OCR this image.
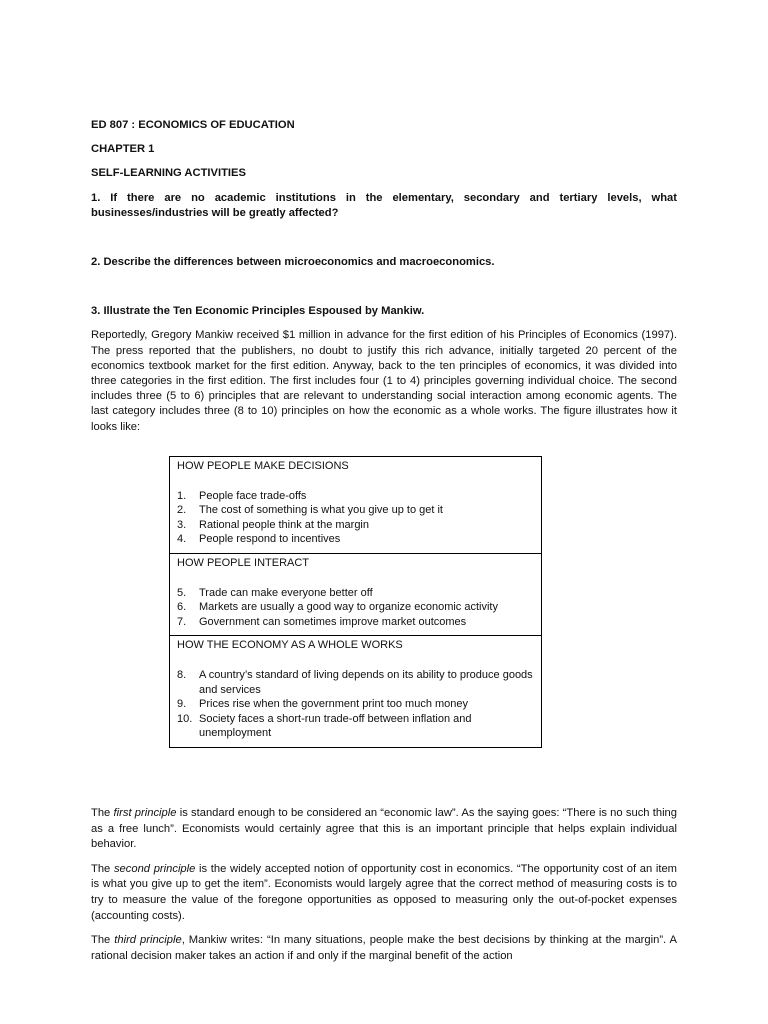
ED 807 : ECONOMICS OF EDUCATION

CHAPTER 1

SELF-LEARNING ACTIVITIES

1. If there are no academic institutions in the elementary, secondary and tertiary levels, what businesses/industries will be greatly affected?

2. Describe the differences between microeconomics and macroeconomics.

3. Illustrate the Ten Economic Principles Espoused by Mankiw.

Reportedly, Gregory Mankiw received $1 million in advance for the first edition of his Principles of Economics (1997). The press reported that the publishers, no doubt to justify this rich advance, initially targeted 20 percent of the economics textbook market for the first edition. Anyway, back to the ten principles of economics, it was divided into three categories in the first edition. The first includes four (1 to 4) principles governing individual choice. The second includes three (5 to 6) principles that are relevant to understanding social interaction among economic agents. The last category includes three (8 to 10) principles on how the economic as a whole works. The figure illustrates how it looks like:

HOW PEOPLE MAKE DECISIONS
1.	People face trade-offs
2.	The cost of something is what you give up to get it
3.	Rational people think at the margin
4.	People respond to incentives
HOW PEOPLE INTERACT
5.	Trade can make everyone better off
6.	Markets are usually a good way to organize economic activity
7.	Government can sometimes improve market outcomes
HOW THE ECONOMY AS A WHOLE WORKS
8.	A country’s standard of living depends on its ability to produce goods and services
9.	Prices rise when the government print too much money
10. Society faces a short-run trade-off between inflation and unemployment

The first principle is standard enough to be considered an “economic law”. As the saying goes: “There is no such thing as a free lunch”. Economists would certainly agree that this is an important principle that helps explain individual behavior.

The second principle is the widely accepted notion of opportunity cost in economics. “The opportunity cost of an item is what you give up to get the item”. Economists would largely agree that the correct method of measuring costs is to try to measure the value of the foregone opportunities as opposed to measuring only the out-of-pocket expenses (accounting costs).

The third principle, Mankiw writes: “In many situations, people make the best decisions by thinking at the margin”. A rational decision maker takes an action if and only if the marginal benefit of the action
